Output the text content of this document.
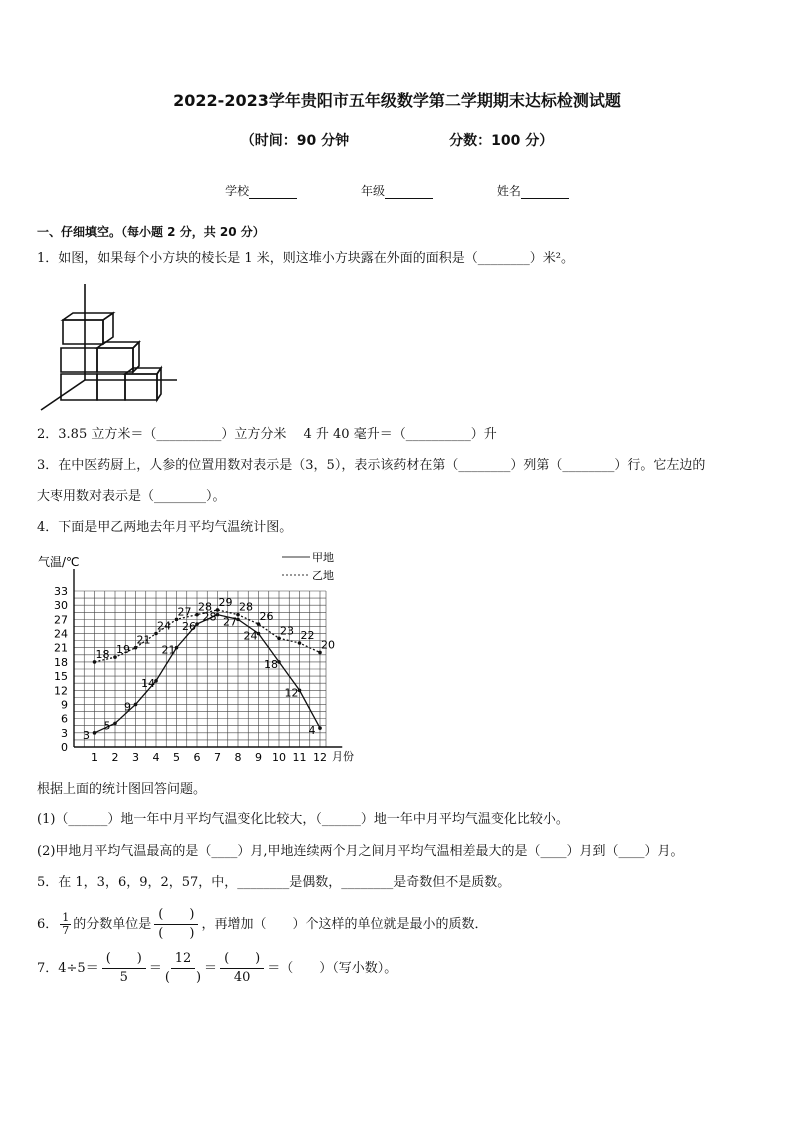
2022-2023学年贵阳市五年级数学第二学期期末达标检测试题
（时间：90 分钟	分数：100 分）
学校	年级	姓名
一、仔细填空。（每小题 2 分，共 20 分）
1．如图，如果每个小方块的棱长是 1 米，则这堆小方块露在外面的面积是（________）米²。
2．3.85 立方米＝（__________）立方分米　 4 升 40 毫升＝（__________）升
3．在中医药厨上，人参的位置用数对表示是（3，5），表示该药材在第（________）列第（________）行。它左边的
大枣用数对表示是（________）。
4．下面是甲乙两地去年月平均气温统计图。
0
3
6
9
12
15
18
21
24
27
30
33
1 2 3 4 5 6 7 8 9 10 11 12
3
5
9
14
21
26
28 27
24
18
12
4
18 19
21
24
27 28 29 28
26
23 22
20
气温/℃
月份
甲地
乙地
根据上面的统计图回答问题。
(1)（______）地一年中月平均气温变化比较大，（______）地一年中月平均气温变化比较小。
(2)甲地月平均气温最高的是（____）月,甲地连续两个月之间月平均气温相差最大的是（____）月到（____）月。
5．在 1，3，6，9，2，57，中，________是偶数，________是奇数但不是质数。
6． $\frac{1}{7}$ 的分数单位是
(　　)
(　　)
，再增加（　　）个这样的单位就是最小的质数．
7．4÷5＝
(　　)
5
＝
12
(　　)
＝
(　　)
40
＝（　　）（写小数）。
